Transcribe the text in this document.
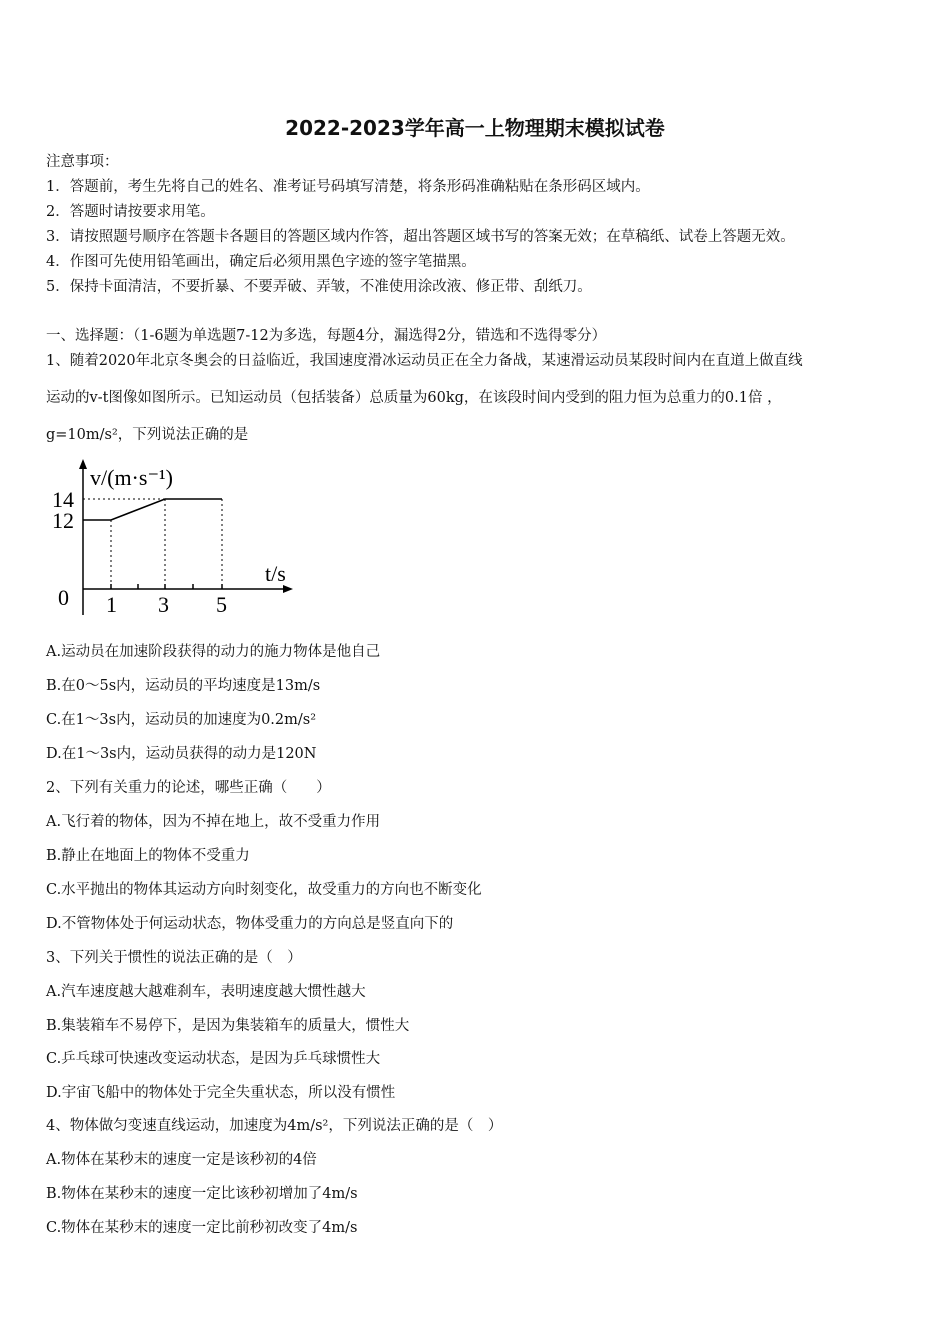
2022-2023学年高一上物理期末模拟试卷
注意事项：
1．答题前，考生先将自己的姓名、准考证号码填写清楚，将条形码准确粘贴在条形码区域内。
2．答题时请按要求用笔。
3．请按照题号顺序在答题卡各题目的答题区域内作答，超出答题区域书写的答案无效；在草稿纸、试卷上答题无效。
4．作图可先使用铅笔画出，确定后必须用黑色字迹的签字笔描黑。
5．保持卡面清洁，不要折暴、不要弄破、弄皱，不准使用涂改液、修正带、刮纸刀。
一、选择题：（1-6题为单选题7-12为多选，每题4分，漏选得2分，错选和不选得零分）
1、随着2020年北京冬奥会的日益临近，我国速度滑冰运动员正在全力备战，某速滑运动员某段时间内在直道上做直线
运动的v-t图像如图所示。已知运动员（包括装备）总质量为60kg，在该段时间内受到的阻力恒为总重力的0.1倍 ，
g=10m/s²，下列说法正确的是
v/(m·s⁻¹)
t/s
14
12
0 1 3 5
A.运动员在加速阶段获得的动力的施力物体是他自己
B.在0～5s内，运动员的平均速度是13m/s
C.在1～3s内，运动员的加速度为0.2m/s²
D.在1～3s内，运动员获得的动力是120N
2、下列有关重力的论述，哪些正确（　　）
A.飞行着的物体，因为不掉在地上，故不受重力作用
B.静止在地面上的物体不受重力
C.水平抛出的物体其运动方向时刻变化，故受重力的方向也不断变化
D.不管物体处于何运动状态，物体受重力的方向总是竖直向下的
3、下列关于惯性的说法正确的是（　）
A.汽车速度越大越难刹车，表明速度越大惯性越大
B.集装箱车不易停下，是因为集装箱车的质量大，惯性大
C.乒乓球可快速改变运动状态，是因为乒乓球惯性大
D.宇宙飞船中的物体处于完全失重状态，所以没有惯性
4、物体做匀变速直线运动，加速度为4m/s²，下列说法正确的是（　）
A.物体在某秒末的速度一定是该秒初的4倍
B.物体在某秒末的速度一定比该秒初增加了4m/s
C.物体在某秒末的速度一定比前秒初改变了4m/s
